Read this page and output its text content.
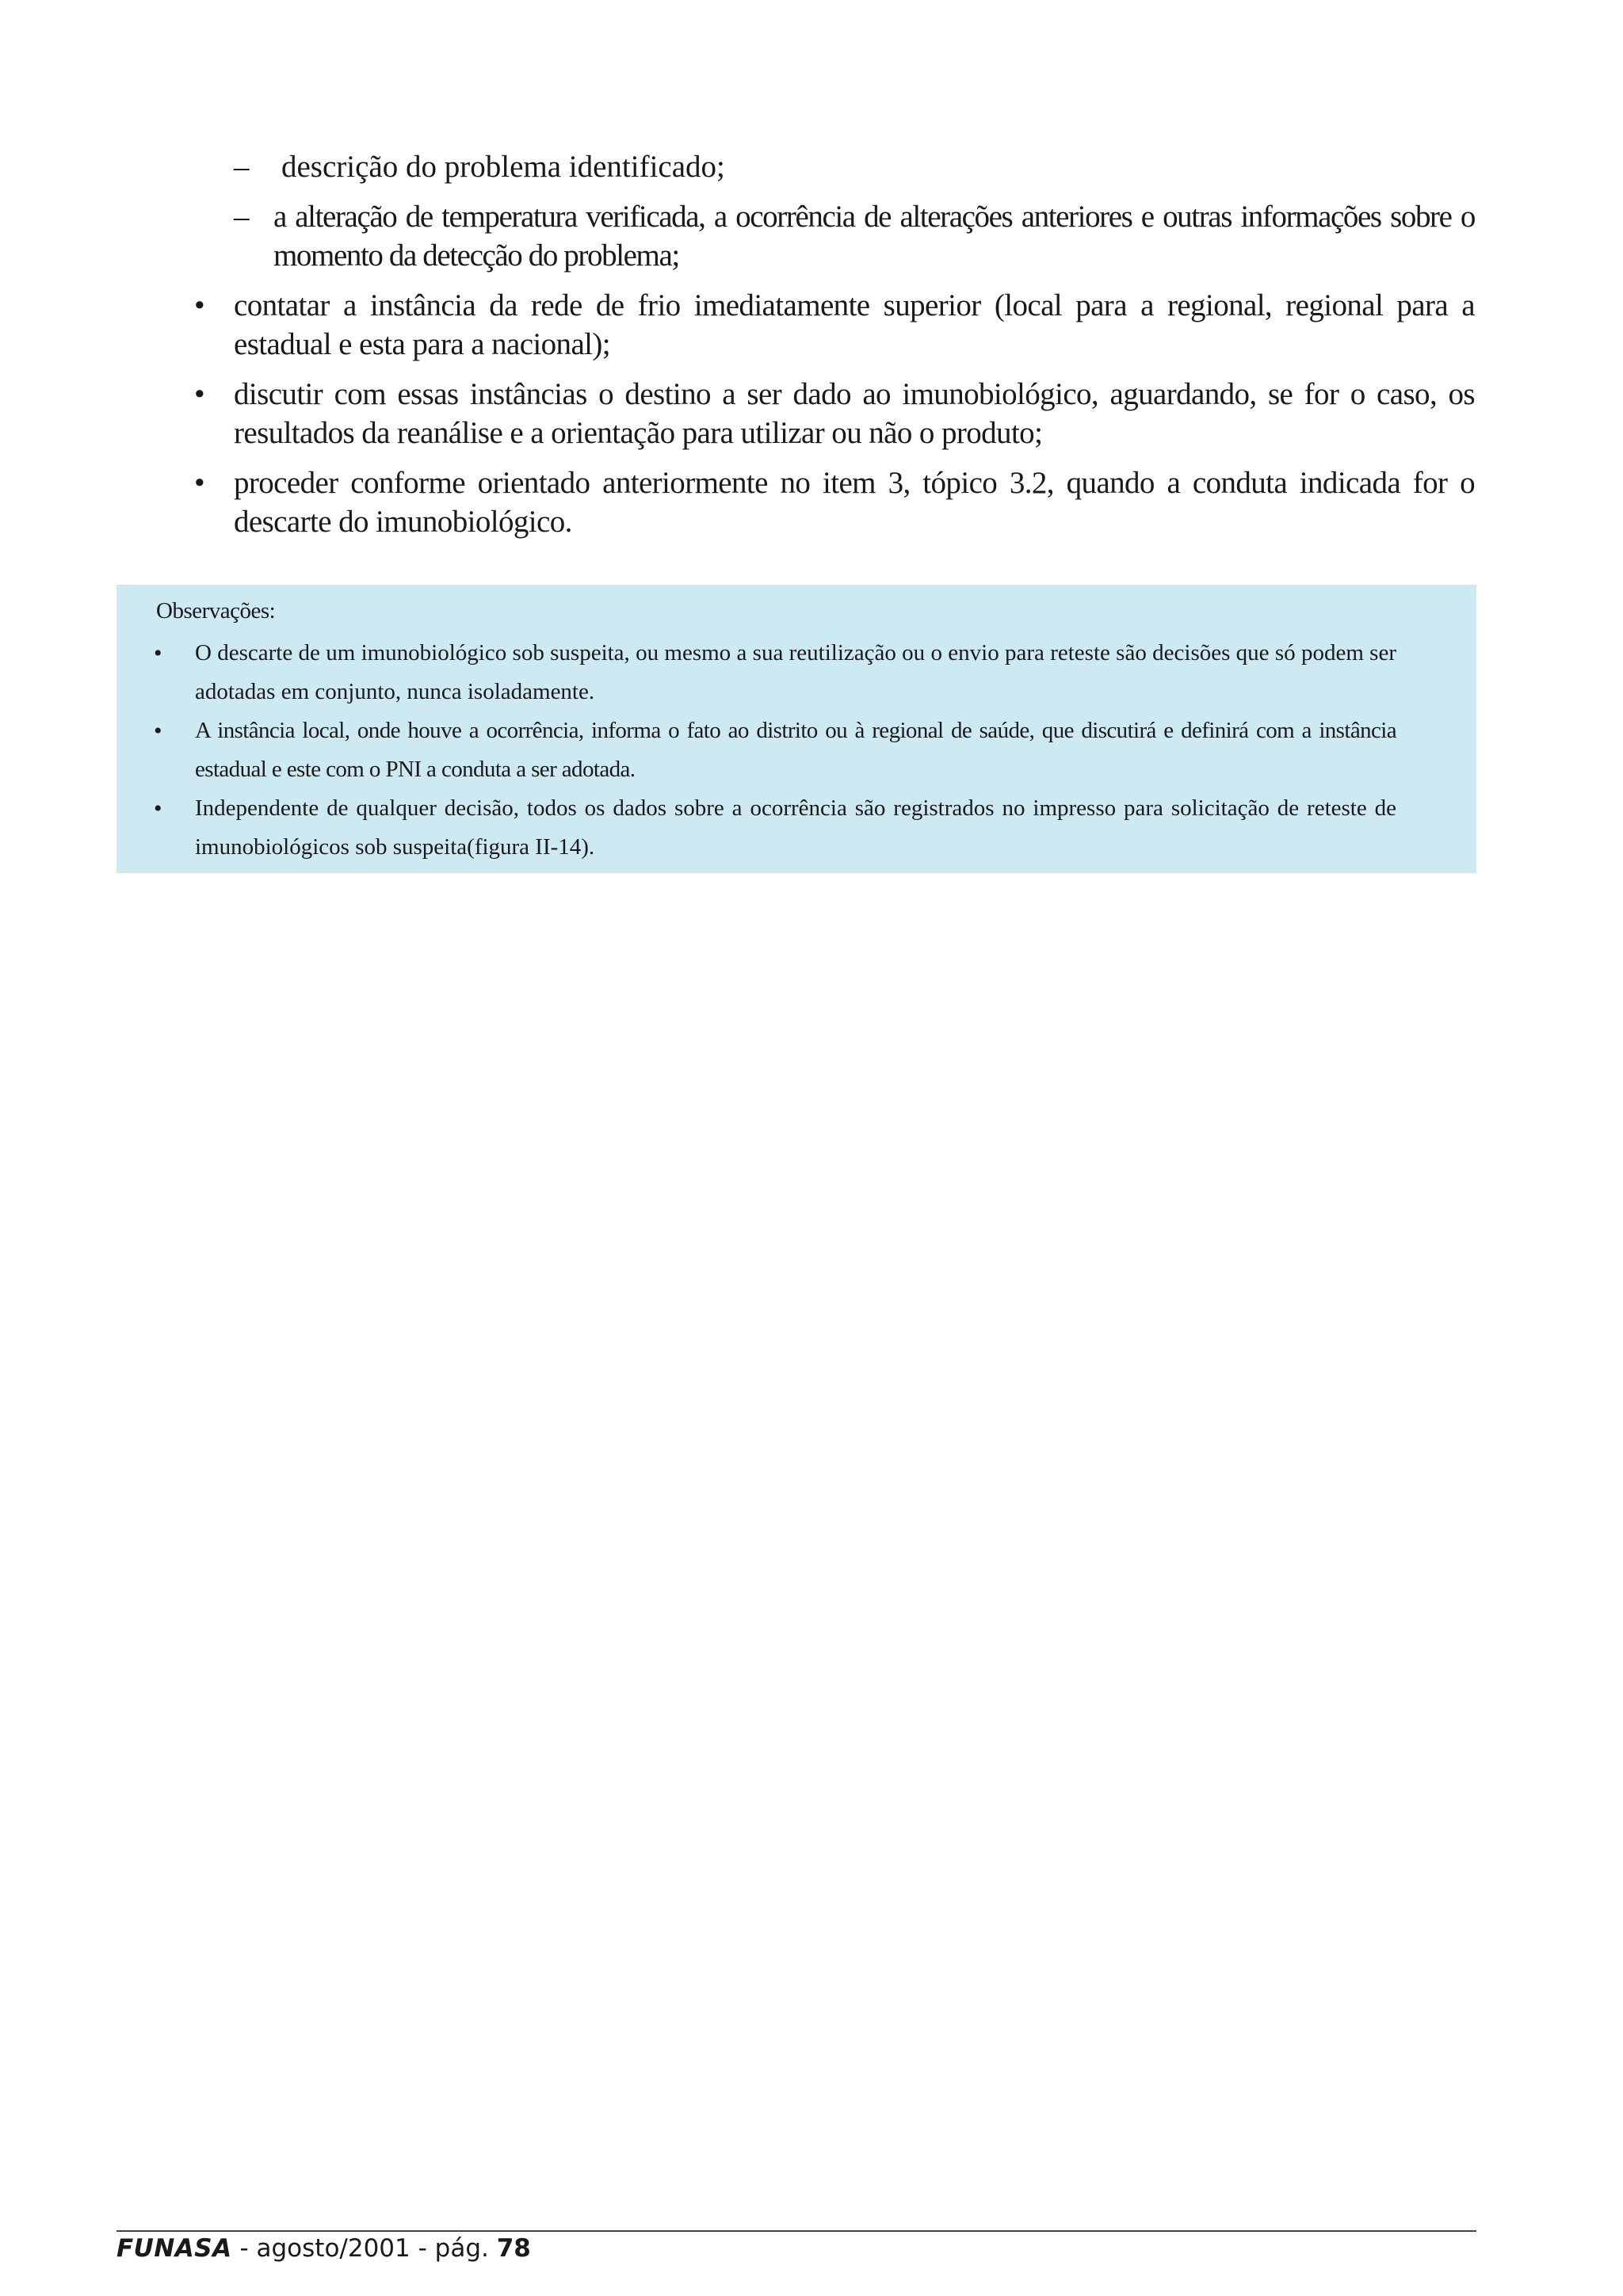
– descrição do problema identificado;
– a alteração de temperatura verificada, a ocorrência de alterações anteriores e outras informações sobre o momento da detecção do problema;
• contatar a instância da rede de frio imediatamente superior (local para a regional, regional para a estadual e esta para a nacional);
• discutir com essas instâncias o destino a ser dado ao imunobiológico, aguardando, se for o caso, os resultados da reanálise e a orientação para utilizar ou não o produto;
• proceder conforme orientado anteriormente no item 3, tópico 3.2, quando a conduta indicada for o descarte do imunobiológico.
Observações:
• O descarte de um imunobiológico sob suspeita, ou mesmo a sua reutilização ou o envio para reteste são decisões que só podem ser adotadas em conjunto, nunca isoladamente.
• A instância local, onde houve a ocorrência, informa o fato ao distrito ou à regional de saúde, que discutirá e definirá com a instância estadual e este com o PNI a conduta a ser adotada.
• Independente de qualquer decisão, todos os dados sobre a ocorrência são registrados no impresso para solicitação de reteste de imunobiológicos sob suspeita(figura II-14).
FUNASA - agosto/2001 - pág. 78
